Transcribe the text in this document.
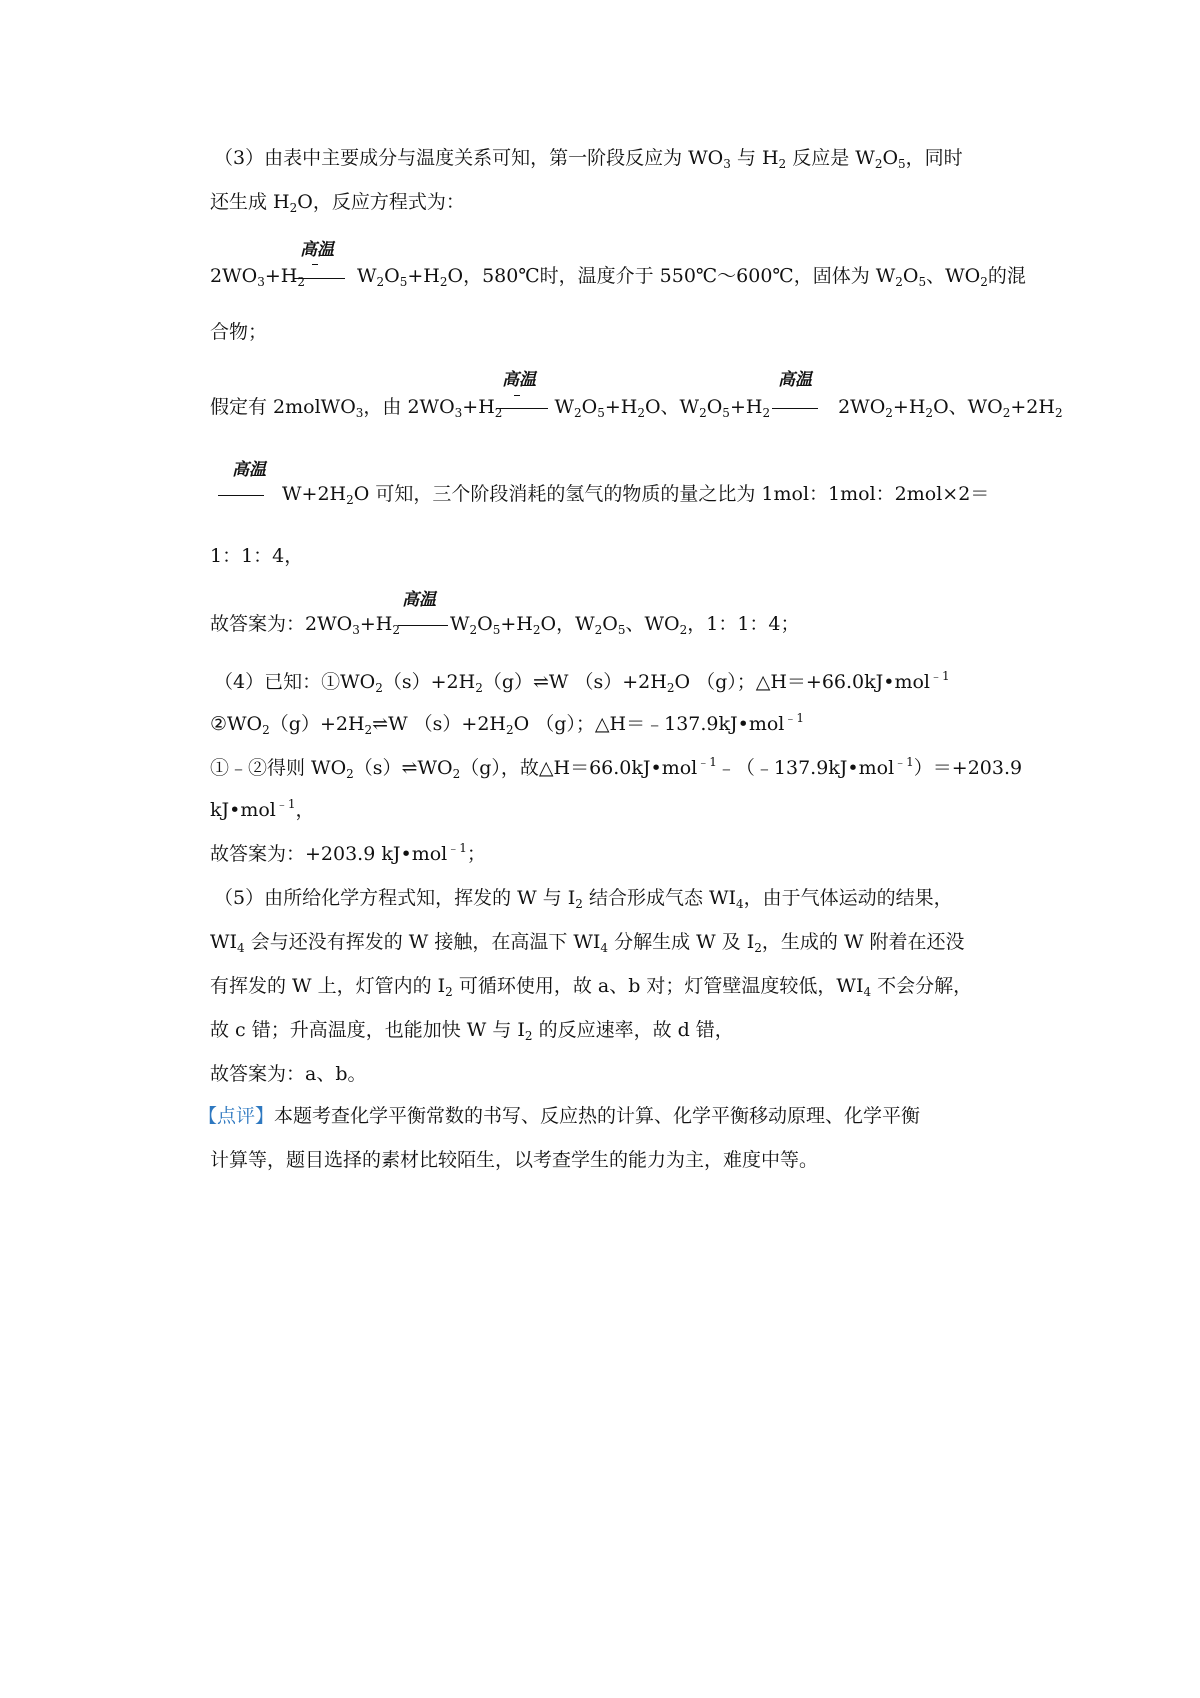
（3）由表中主要成分与温度关系可知，第一阶段反应为 $WO_3$ 与 $H_2$ 反应是 $W_2O_5$，同时
还生成 $H_2O$，反应方程式为：
高温
$2WO_3+H_2$	$W_2O_5+H_2O$，580℃时，温度介于 550℃～600℃，固体为 $W_2O_5$、$WO_2$的混
合物；
高温	高温
假定有 2molWO$_3$，由 $2WO_3+H_2$	$W_2O_5+H_2O$、$W_2O_5+H_2$	$2WO_2+H_2O$、$WO_2+2H_2$
高温
$W+2H_2O$ 可知，三个阶段消耗的氢气的物质的量之比为 1mol：1mol：2mol×2＝
1：1：4，
高温
故答案为：$2WO_3+H_2$	$W_2O_5+H_2O$，$W_2O_5$、$WO_2$，1：1：4；
（4）已知：$①WO_2(s)+2H_2(g)\rightleftharpoons W$ $(s)+2H_2O$ （g）；△H＝+66.0kJ•mol$^{﹣1}$
$②WO_2(g)+2H_2\rightleftharpoons W$ $(s)+2H_2O$ （g）；△H＝﹣137.9kJ•mol$^{﹣1}$
①﹣②得则 $WO_2(s)\rightleftharpoons WO_2(g)$，故△H＝66.0kJ•mol$^{﹣1}$﹣（﹣137.9kJ•mol$^{﹣1}$）＝+203.9
kJ•mol$^{﹣1}$，
故答案为：+203.9 kJ•mol$^{﹣1}$；
（5）由所给化学方程式知，挥发的 W 与 $I_2$ 结合形成气态 $WI_4$，由于气体运动的结果，
$WI_4$ 会与还没有挥发的 W 接触，在高温下 $WI_4$ 分解生成 W 及 $I_2$，生成的 W 附着在还没
有挥发的 W 上，灯管内的 $I_2$ 可循环使用，故 a、b 对；灯管壁温度较低，$WI_4$ 不会分解，
故 c 错；升高温度，也能加快 W 与 $I_2$ 的反应速率，故 d 错，
故答案为：a、b。
【点评】本题考查化学平衡常数的书写、反应热的计算、化学平衡移动原理、化学平衡
计算等，题目选择的素材比较陌生，以考查学生的能力为主，难度中等。
